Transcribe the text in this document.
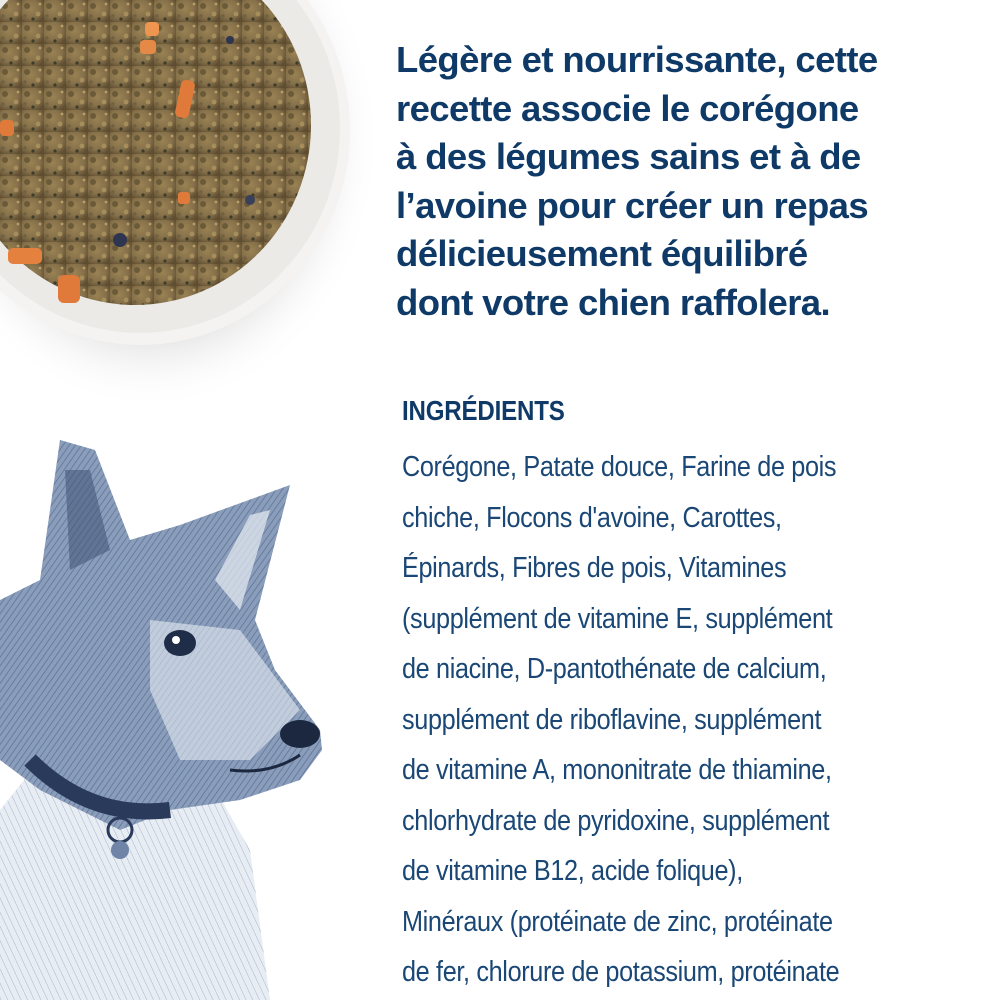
Légère et nourrissante, cette
recette associe le corégone
à des légumes sains et à de
l’avoine pour créer un repas
délicieusement équilibré
dont votre chien raffolera.

INGRÉDIENTS

Corégone, Patate douce, Farine de pois
chiche, Flocons d'avoine, Carottes,
Épinards, Fibres de pois, Vitamines
(supplément de vitamine E, supplément
de niacine, D-pantothénate de calcium,
supplément de riboflavine, supplément
de vitamine A, mononitrate de thiamine,
chlorhydrate de pyridoxine, supplément
de vitamine B12, acide folique),
Minéraux (protéinate de zinc, protéinate
de fer, chlorure de potassium, protéinate
